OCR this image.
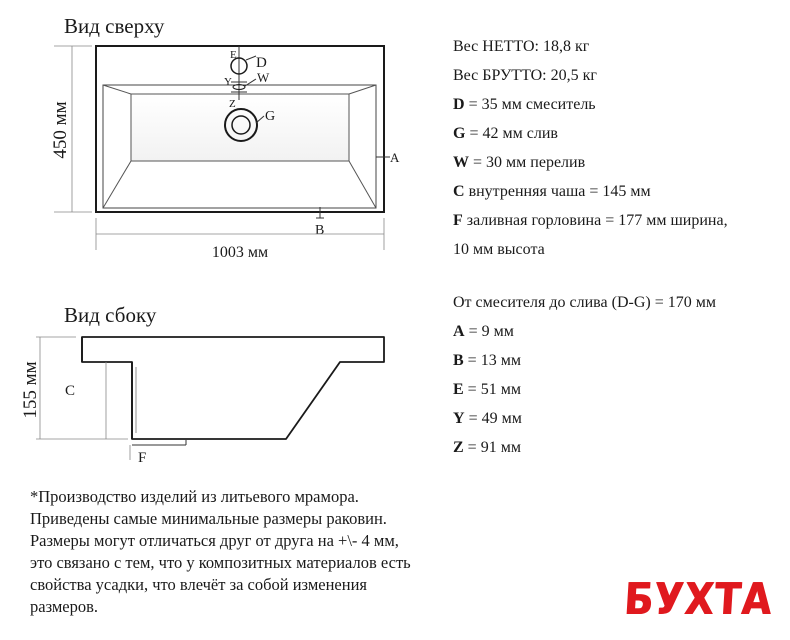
E D
Y W
Z
G
A
B
1003 мм
450 мм
155 мм C
F
Вид сверху
Вид сбоку
Вес НЕТТО: 18,8 кг
Вес БРУТТО: 20,5 кг
D = 35 мм смеситель
G = 42 мм слив
W = 30 мм перелив
C внутренняя чаша = 145 мм
F заливная горловина = 177 мм ширина,
10 мм высота
От смесителя до слива (D-G) = 170 мм
A = 9 мм
B = 13 мм
E = 51 мм
Y = 49 мм
Z = 91 мм
*Производство изделий из литьевого мрамора.
Приведены самые минимальные размеры раковин.
Размеры могут отличаться друг от друга на +\- 4 мм,
это связано с тем, что у композитных материалов есть
свойства усадки, что влечёт за собой изменения
размеров.	БУХТА
